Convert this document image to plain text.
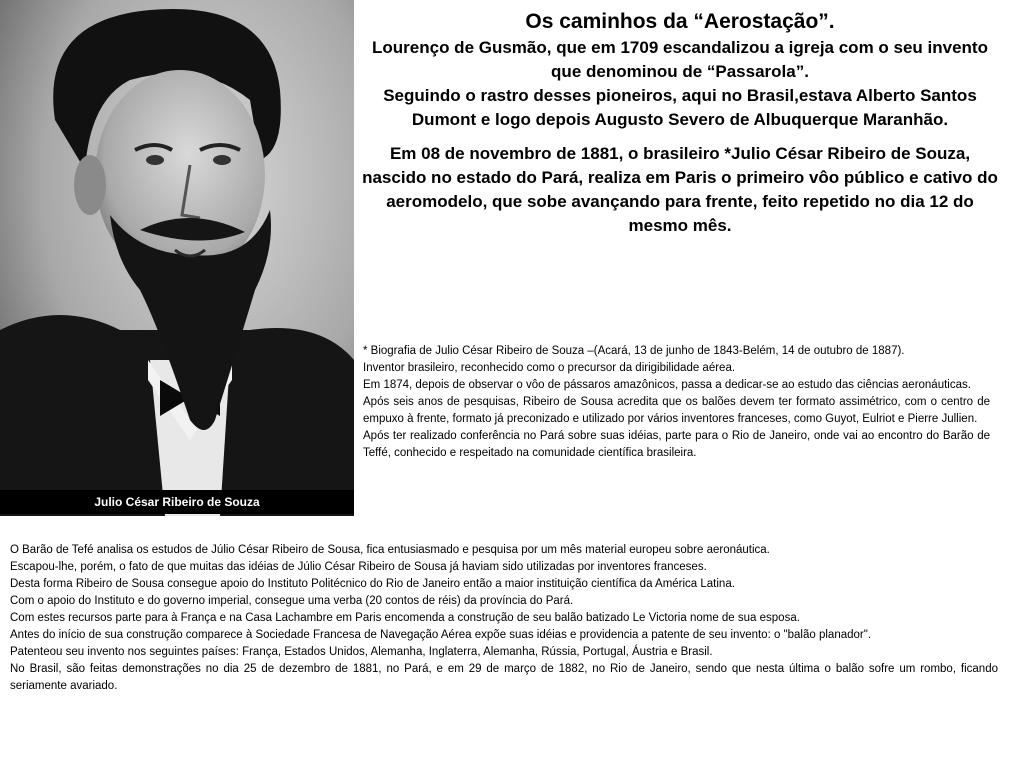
Julio César Ribeiro de Souza

Os caminhos da “Aerostação”.

Lourenço de Gusmão, que em 1709 escandalizou a igreja com o seu invento que denominou de “Passarola”.

Seguindo o rastro desses pioneiros, aqui no Brasil,estava Alberto Santos Dumont e logo depois Augusto Severo de Albuquerque Maranhão.

Em 08 de novembro de 1881, o brasileiro *Julio César Ribeiro de Souza, nascido no estado do Pará, realiza em Paris o primeiro vôo público e cativo do aeromodelo, que sobe avançando para frente, feito repetido no dia 12 do mesmo mês.

* Biografia de Julio César Ribeiro de Souza –(Acará, 13 de junho de 1843-Belém, 14 de outubro de 1887).

Inventor brasileiro, reconhecido como o precursor da dirigibilidade aérea.

Em 1874, depois de observar o vôo de pássaros amazônicos, passa a dedicar-se ao estudo das ciências aeronáuticas.

Após seis anos de pesquisas, Ribeiro de Sousa acredita que os balões devem ter formato assimétrico, com o centro de empuxo à frente, formato já preconizado e utilizado por vários inventores franceses, como Guyot, Eulriot e Pierre Jullien.

Após ter realizado conferência no Pará sobre suas idéias, parte para o Rio de Janeiro, onde vai ao encontro do Barão de Teffé, conhecido e respeitado na comunidade científica brasileira.

O Barão de Tefé analisa os estudos de Júlio César Ribeiro de Sousa, fica entusiasmado e pesquisa por um mês material europeu sobre aeronáutica.

Escapou-lhe, porém, o fato de que muitas das idéias de Júlio César Ribeiro de Sousa já haviam sido utilizadas por inventores franceses.

Desta forma Ribeiro de Sousa consegue apoio do Instituto Politécnico do Rio de Janeiro então a maior instituição científica da América Latina.

Com o apoio do Instituto e do governo imperial, consegue uma verba (20 contos de réis) da província do Pará.

Com estes recursos parte para à França e na Casa Lachambre em Paris encomenda a construção de seu balão batizado Le Victoria nome de sua esposa.

Antes do início de sua construção comparece à Sociedade Francesa de Navegação Aérea expõe suas idéias e providencia a patente de seu invento: o "balão planador".

Patenteou seu invento nos seguintes países: França, Estados Unidos, Alemanha, Inglaterra, Alemanha, Rússia, Portugal, Áustria e Brasil.

No Brasil, são feitas demonstrações no dia 25 de dezembro de 1881, no Pará, e em 29 de março de 1882, no Rio de Janeiro, sendo que nesta última o balão sofre um rombo, ficando seriamente avariado.
